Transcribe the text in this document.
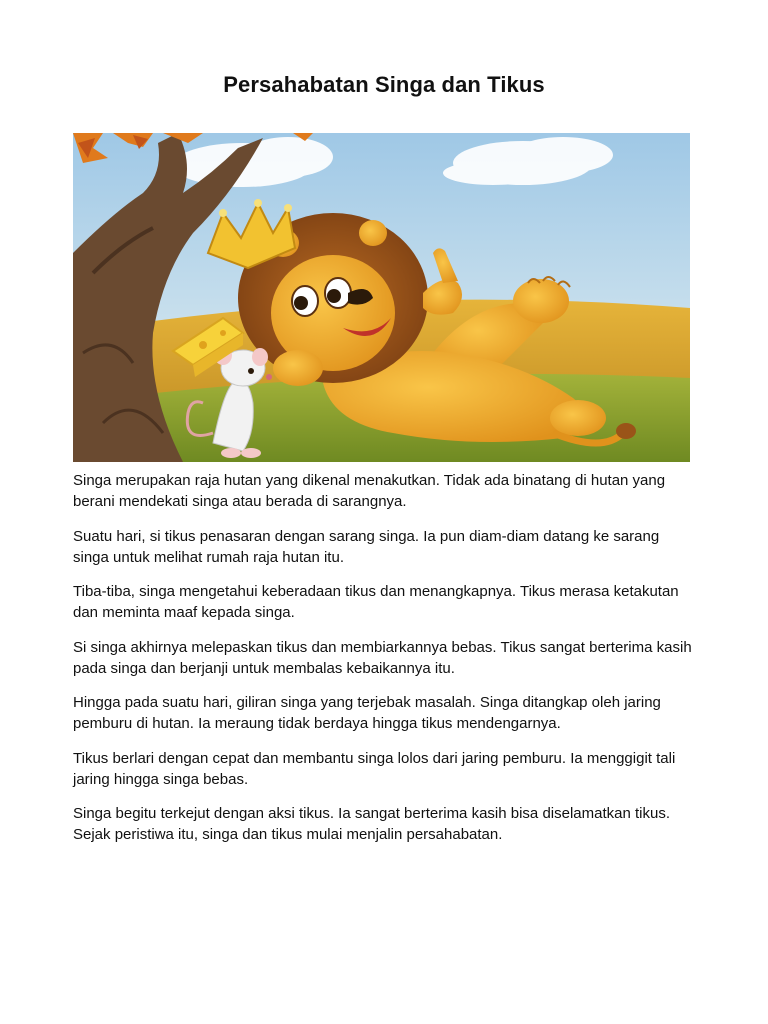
Persahabatan Singa dan Tikus

Singa merupakan raja hutan yang dikenal menakutkan. Tidak ada binatang di hutan yang berani mendekati singa atau berada di sarangnya.

Suatu hari, si tikus penasaran dengan sarang singa. Ia pun diam-diam datang ke sarang singa untuk melihat rumah raja hutan itu.

Tiba-tiba, singa mengetahui keberadaan tikus dan menangkapnya. Tikus merasa ketakutan dan meminta maaf kepada singa.

Si singa akhirnya melepaskan tikus dan membiarkannya bebas. Tikus sangat berterima kasih pada singa dan berjanji untuk membalas kebaikannya itu.

Hingga pada suatu hari, giliran singa yang terjebak masalah. Singa ditangkap oleh jaring pemburu di hutan. Ia meraung tidak berdaya hingga tikus mendengarnya.

Tikus berlari dengan cepat dan membantu singa lolos dari jaring pemburu. Ia menggigit tali jaring hingga singa bebas.

Singa begitu terkejut dengan aksi tikus. Ia sangat berterima kasih bisa diselamatkan tikus. Sejak peristiwa itu, singa dan tikus mulai menjalin persahabatan.
